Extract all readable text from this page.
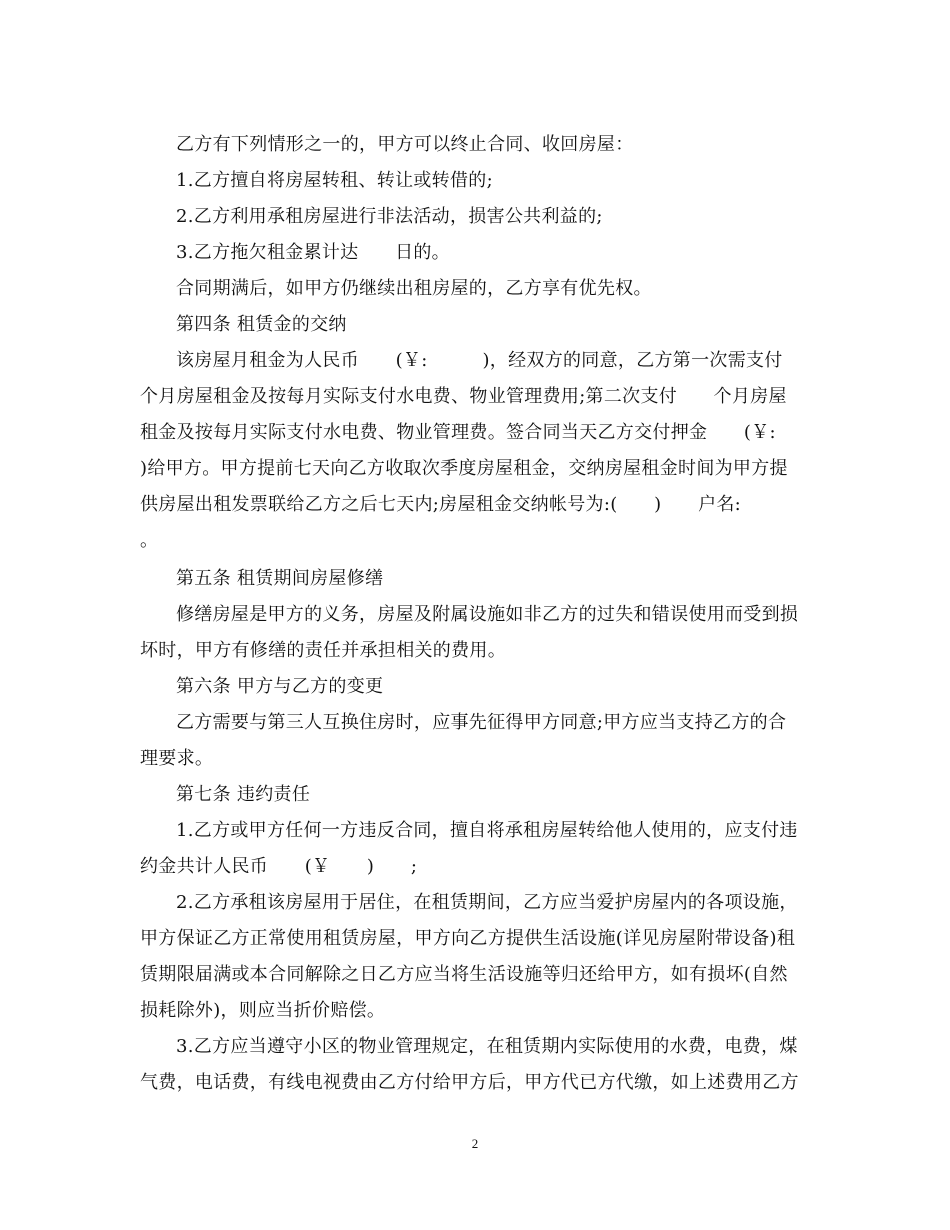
乙方有下列情形之一的，甲方可以终止合同、收回房屋：
1.乙方擅自将房屋转租、转让或转借的;
2.乙方利用承租房屋进行非法活动，损害公共利益的;
3.乙方拖欠租金累计达　　日的。
合同期满后，如甲方仍继续出租房屋的，乙方享有优先权。
第四条 租赁金的交纳
该房屋月租金为人民币　　(￥:　　　)，经双方的同意，乙方第一次需支付
个月房屋租金及按每月实际支付水电费、物业管理费用;第二次支付　　个月房屋
租金及按每月实际支付水电费、物业管理费。签合同当天乙方交付押金　　(￥:
)给甲方。甲方提前七天向乙方收取次季度房屋租金，交纳房屋租金时间为甲方提
供房屋出租发票联给乙方之后七天内;房屋租金交纳帐号为:(　　)　　户名:
。
第五条 租赁期间房屋修缮
修缮房屋是甲方的义务，房屋及附属设施如非乙方的过失和错误使用而受到损
坏时，甲方有修缮的责任并承担相关的费用。
第六条 甲方与乙方的变更
乙方需要与第三人互换住房时，应事先征得甲方同意;甲方应当支持乙方的合
理要求。
第七条 违约责任
1.乙方或甲方任何一方违反合同，擅自将承租房屋转给他人使用的，应支付违
约金共计人民币　　(￥　　)　　;
2.乙方承租该房屋用于居住，在租赁期间，乙方应当爱护房屋内的各项设施，
甲方保证乙方正常使用租赁房屋，甲方向乙方提供生活设施(详见房屋附带设备)租
赁期限届满或本合同解除之日乙方应当将生活设施等归还给甲方，如有损坏(自然
损耗除外)，则应当折价赔偿。
3.乙方应当遵守小区的物业管理规定，在租赁期内实际使用的水费，电费，煤
气费，电话费，有线电视费由乙方付给甲方后，甲方代已方代缴，如上述费用乙方
2
